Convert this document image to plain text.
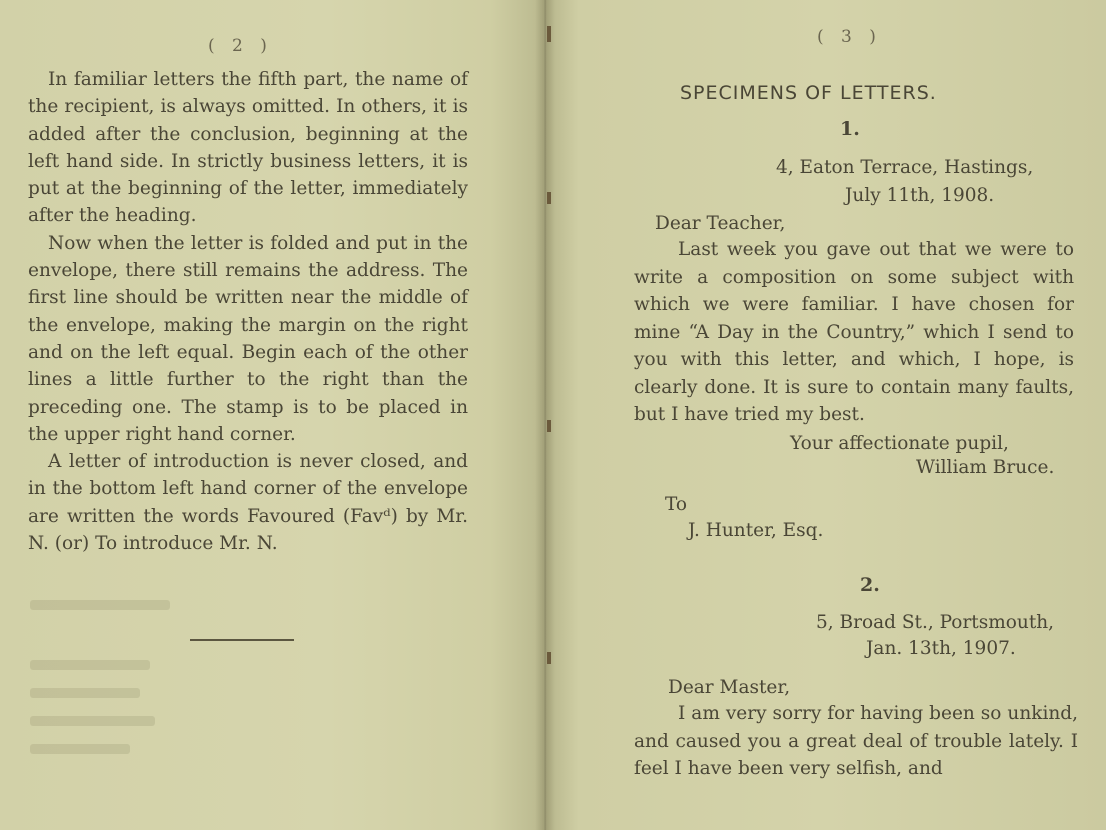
( 2 )

In familiar letters the fifth part, the name of the recipient, is always omitted. In others, it is added after the conclusion, beginning at the left hand side. In strictly business letters, it is put at the beginning of the letter, immediately after the heading.

Now when the letter is folded and put in the envelope, there still remains the address. The first line should be written near the middle of the envelope, making the margin on the right and on the left equal. Begin each of the other lines a little further to the right than the preceding one. The stamp is to be placed in the upper right hand corner.

A letter of introduction is never closed, and in the bottom left hand corner of the envelope are written the words Favoured (Favᵈ) by Mr. N. (or) To introduce Mr. N.

( 3 )
SPECIMENS OF LETTERS.
1.
4, Eaton Terrace, Hastings,
July 11th, 1908.
Dear Teacher,
Last week you gave out that we were to write a composition on some subject with which we were familiar. I have chosen for mine “A Day in the Country,” which I send to you with this letter, and which, I hope, is clearly done. It is sure to contain many faults, but I have tried my best.
Your affectionate pupil,
William Bruce.
To
J. Hunter, Esq.
2.
5, Broad St., Portsmouth,
Jan. 13th, 1907.
Dear Master,
I am very sorry for having been so unkind, and caused you a great deal of trouble lately. I feel I have been very selfish, and
